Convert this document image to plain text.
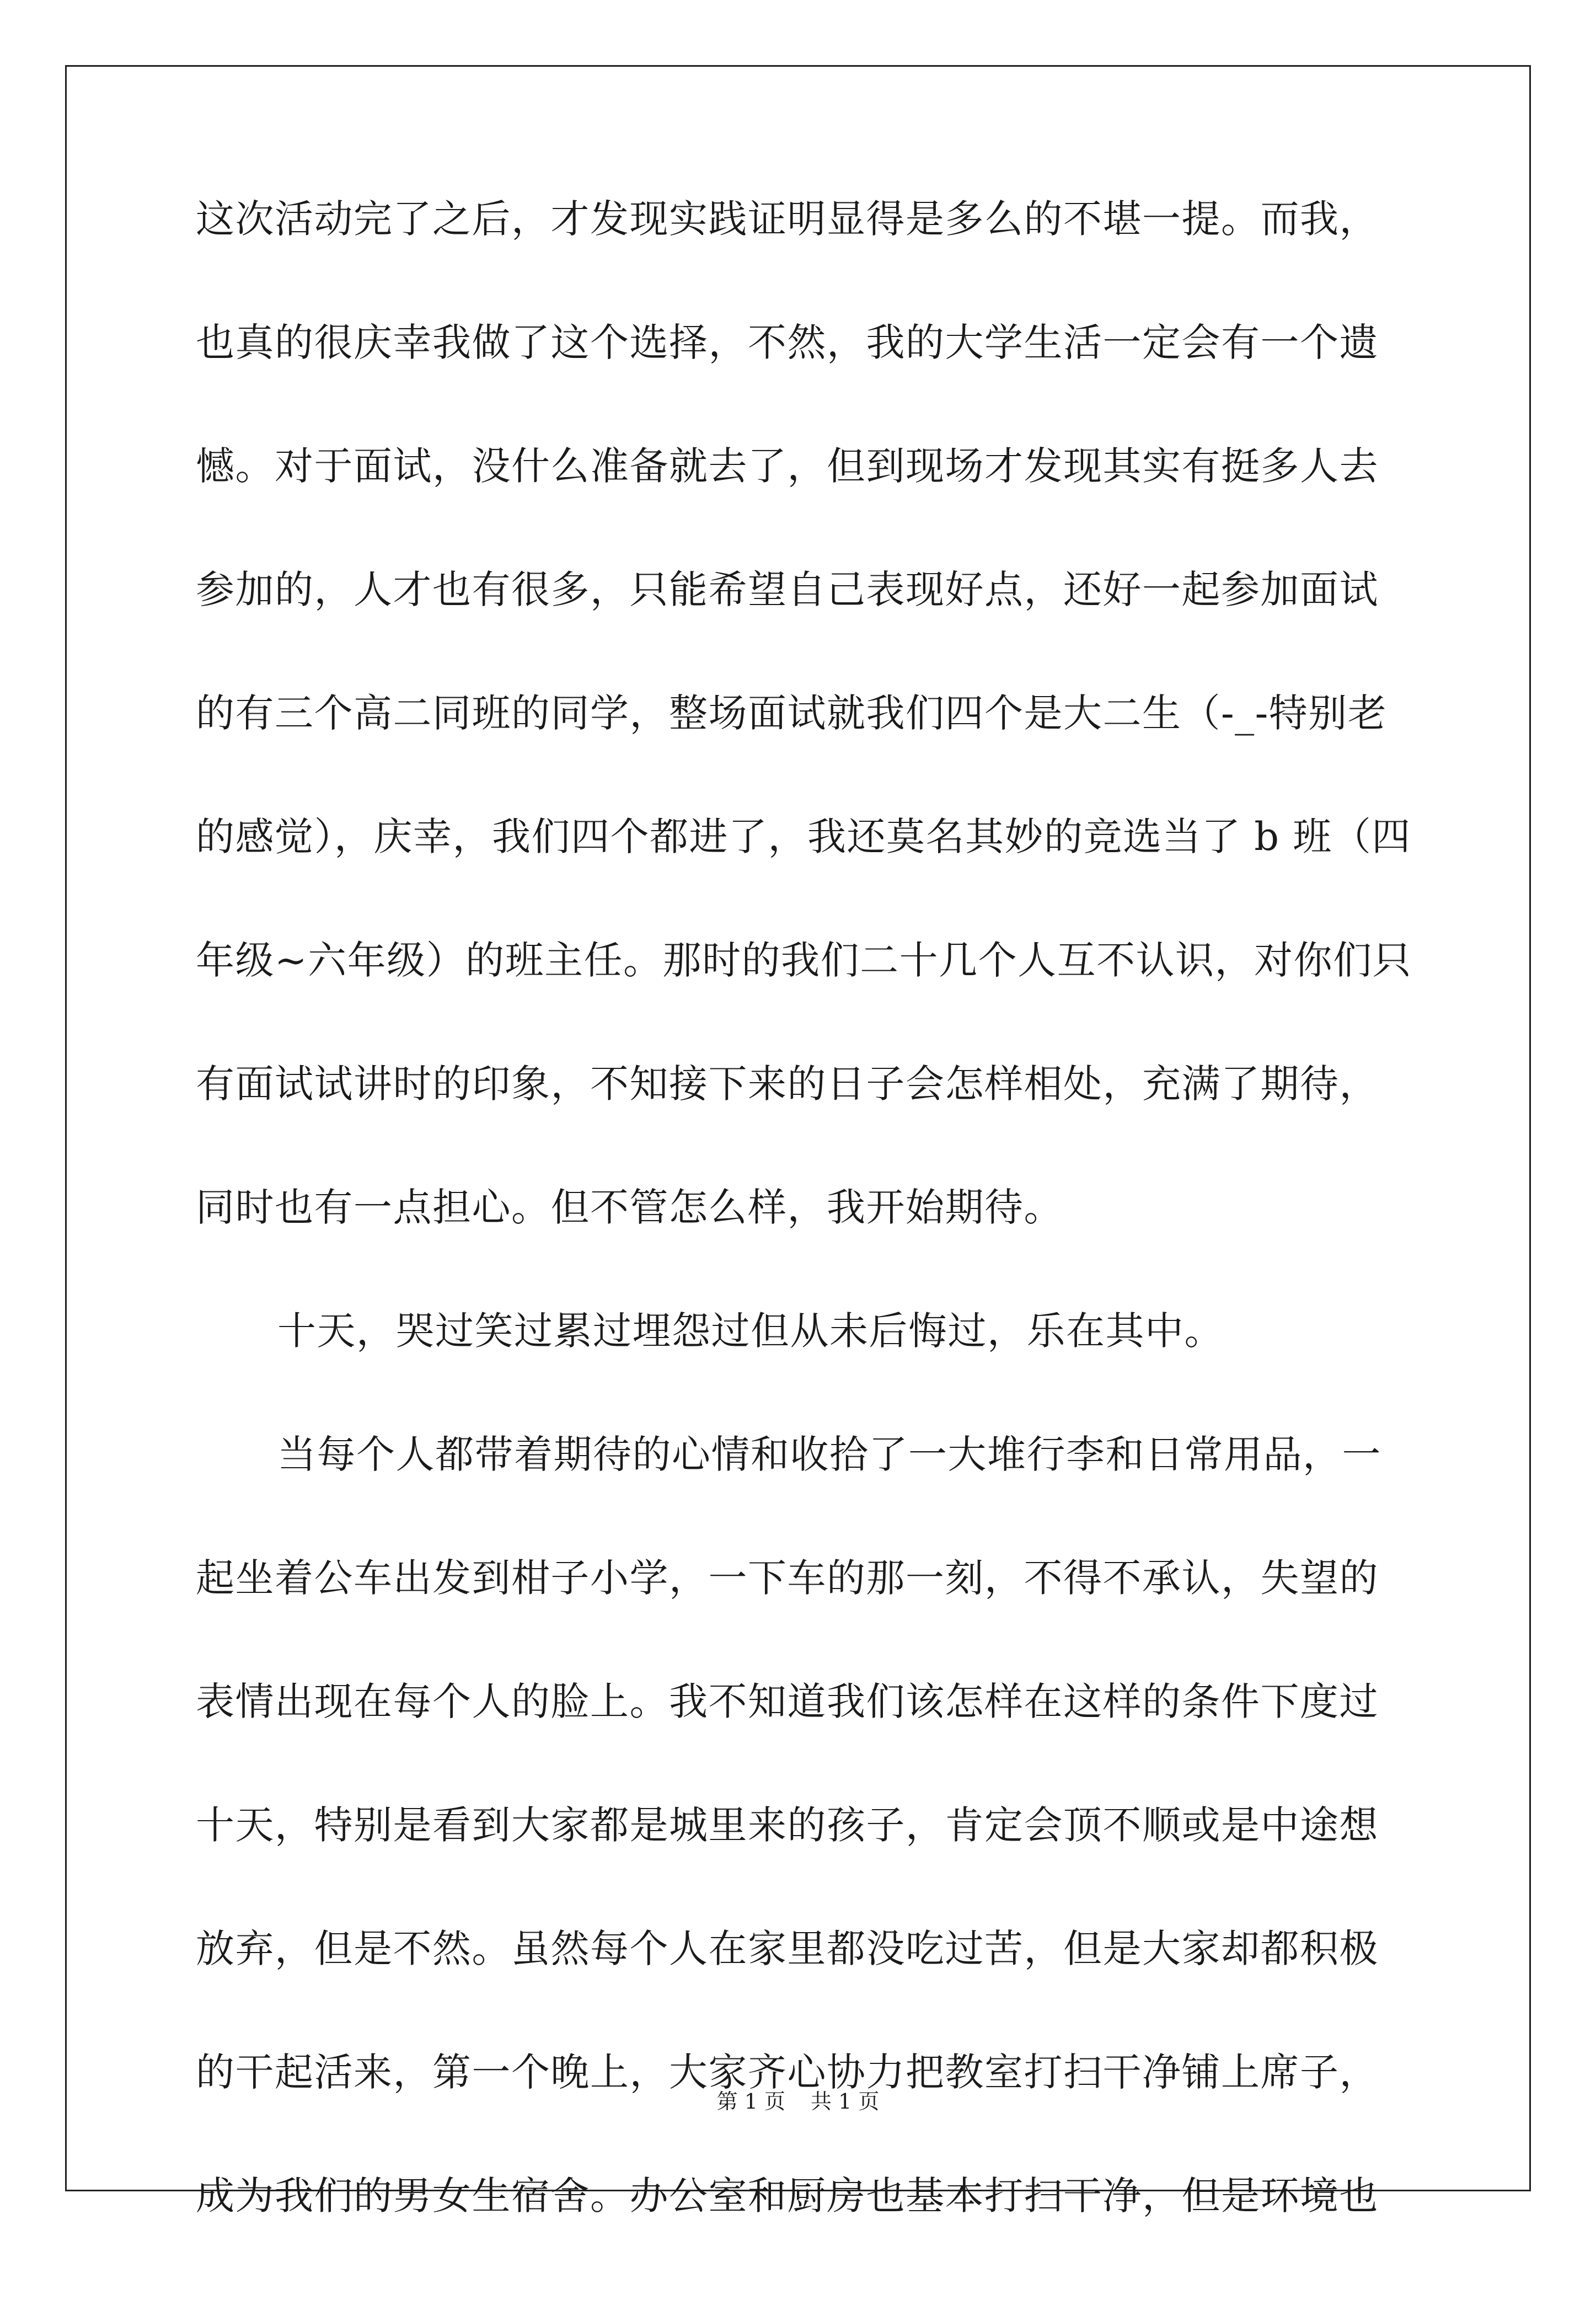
这次活动完了之后，才发现实践证明显得是多么的不堪一提。而我，
也真的很庆幸我做了这个选择，不然，我的大学生活一定会有一个遗
憾。对于面试，没什么准备就去了，但到现场才发现其实有挺多人去
参加的，人才也有很多，只能希望自己表现好点，还好一起参加面试
的有三个高二同班的同学，整场面试就我们四个是大二生（-_-特别老
的感觉），庆幸，我们四个都进了，我还莫名其妙的竞选当了 b 班（四
年级~六年级）的班主任。那时的我们二十几个人互不认识，对你们只
有面试试讲时的印象，不知接下来的日子会怎样相处，充满了期待，
同时也有一点担心。但不管怎么样，我开始期待。
十天，哭过笑过累过埋怨过但从未后悔过，乐在其中。
当每个人都带着期待的心情和收拾了一大堆行李和日常用品，一
起坐着公车出发到柑子小学，一下车的那一刻，不得不承认，失望的
表情出现在每个人的脸上。我不知道我们该怎样在这样的条件下度过
十天，特别是看到大家都是城里来的孩子，肯定会顶不顺或是中途想
放弃，但是不然。虽然每个人在家里都没吃过苦，但是大家却都积极
的干起活来，第一个晚上，大家齐心协力把教室打扫干净铺上席子，
成为我们的男女生宿舍。办公室和厨房也基本打扫干净，但是环境也
第 1 页 共 1 页
